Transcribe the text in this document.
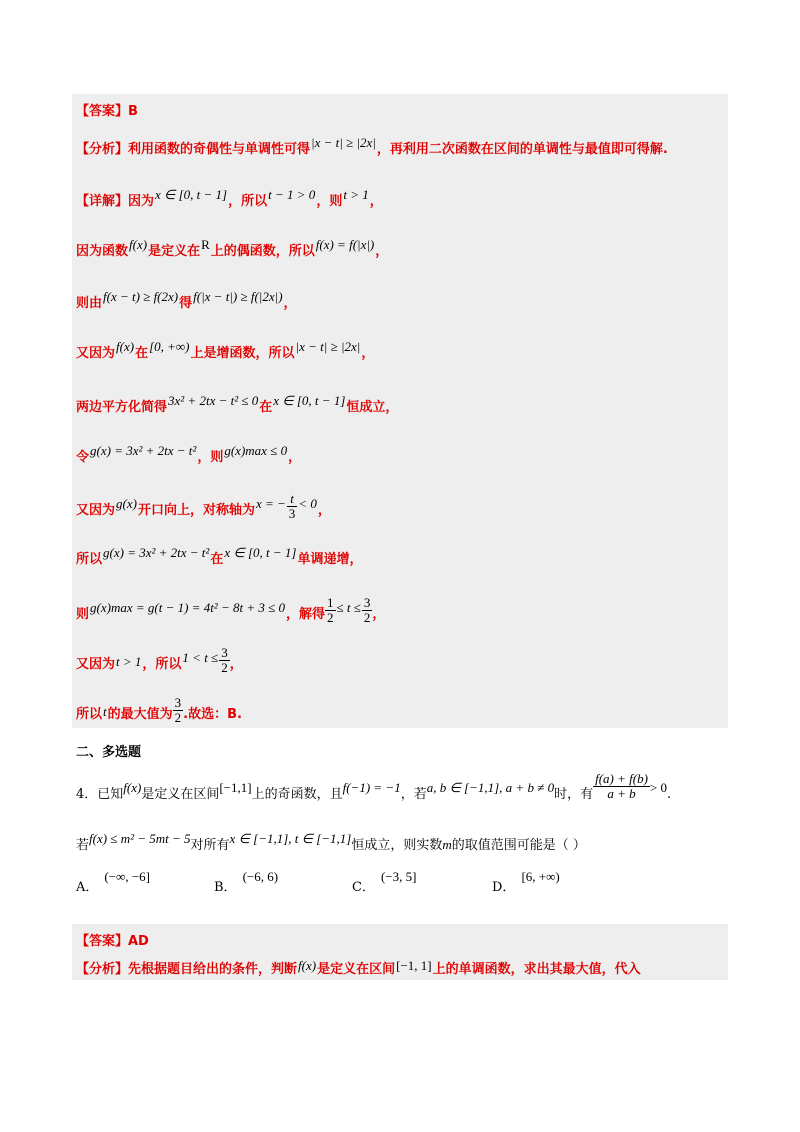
【答案】B
【分析】利用函数的奇偶性与单调性可得|x − t| ≥ |2x|，再利用二次函数在区间的单调性与最值即可得解.
【详解】因为x ∈ [0, t − 1]，所以t − 1 > 0，则t > 1，
因为函数f(x)是定义在R上的偶函数，所以f(x) = f(|x|)，
则由f(x − t) ≥ f(2x)得f(|x − t|) ≥ f(|2x|)，
又因为f(x)在[0, +∞)上是增函数，所以|x − t| ≥ |2x|，
两边平方化简得3x² + 2tx − t² ≤ 0在x ∈ [0, t − 1]恒成立，
令g(x) = 3x² + 2tx − t²，则g(x)max ≤ 0，
又因为g(x)开口向上，对称轴为x = − $\frac{t}{3} < 0$，
所以g(x) = 3x² + 2tx − t²在x ∈ [0, t − 1]单调递增，
则g(x)max = g(t − 1) = 4t² − 8t + 3 ≤ 0，解得 $\frac{1}{2} \le t \le \frac{3}{2}$ ，
又因为t > 1，所以$1 < t \le \frac{3}{2}$ ，
所以t的最大值为 $\frac{3}{2}$ .故选：B.
二、多选题
4．已知f(x)是定义在区间[−1,1]上的奇函数，且f(−1) = −1，若a, b ∈ [−1,1], a + b ≠ 0时，有 $\frac{f(a) + f(b)}{a + b} > 0$.
若f(x) ≤ m² − 5mt − 5对所有x ∈ [−1,1], t ∈ [−1,1]恒成立，则实数m的取值范围可能是（ ）
A．(−∞, −6]
B．(−6, 6)
C．(−3, 5]
D．[6, +∞)
【答案】AD
【分析】先根据题目给出的条件，判断f(x)是定义在区间[−1, 1]上的单调函数，求出其最大值，代入
